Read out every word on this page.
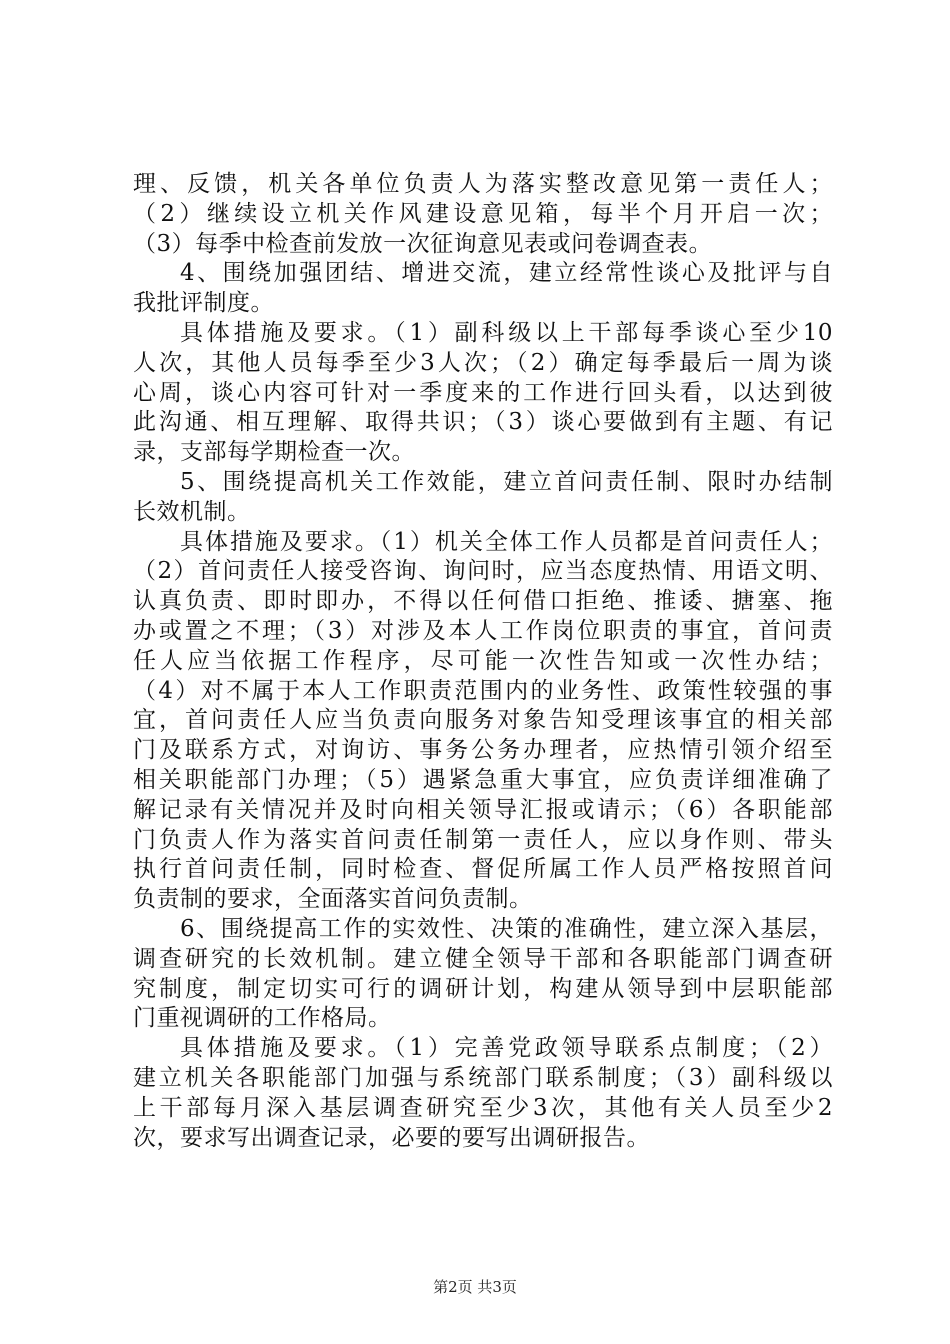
理、反馈，机关各单位负责人为落实整改意见第一责任人；
（2）继续设立机关作风建设意见箱，每半个月开启一次；
（3）每季中检查前发放一次征询意见表或问卷调查表。
4、围绕加强团结、增进交流，建立经常性谈心及批评与自
我批评制度。
具体措施及要求。（1）副科级以上干部每季谈心至少10
人次，其他人员每季至少3人次；（2）确定每季最后一周为谈
心周，谈心内容可针对一季度来的工作进行回头看，以达到彼
此沟通、相互理解、取得共识；（3）谈心要做到有主题、有记
录，支部每学期检查一次。
5、围绕提高机关工作效能，建立首问责任制、限时办结制
长效机制。
具体措施及要求。（1）机关全体工作人员都是首问责任人；
（2）首问责任人接受咨询、询问时，应当态度热情、用语文明、
认真负责、即时即办，不得以任何借口拒绝、推诿、搪塞、拖
办或置之不理；（3）对涉及本人工作岗位职责的事宜，首问责
任人应当依据工作程序，尽可能一次性告知或一次性办结；
（4）对不属于本人工作职责范围内的业务性、政策性较强的事
宜，首问责任人应当负责向服务对象告知受理该事宜的相关部
门及联系方式，对询访、事务公务办理者，应热情引领介绍至
相关职能部门办理；（5）遇紧急重大事宜，应负责详细准确了
解记录有关情况并及时向相关领导汇报或请示；（6）各职能部
门负责人作为落实首问责任制第一责任人，应以身作则、带头
执行首问责任制，同时检查、督促所属工作人员严格按照首问
负责制的要求，全面落实首问负责制。
6、围绕提高工作的实效性、决策的准确性，建立深入基层，
调查研究的长效机制。建立健全领导干部和各职能部门调查研
究制度，制定切实可行的调研计划，构建从领导到中层职能部
门重视调研的工作格局。
具体措施及要求。（1）完善党政领导联系点制度；（2）
建立机关各职能部门加强与系统部门联系制度；（3）副科级以
上干部每月深入基层调查研究至少3次，其他有关人员至少2
次，要求写出调查记录，必要的要写出调研报告。
第2页 共3页
